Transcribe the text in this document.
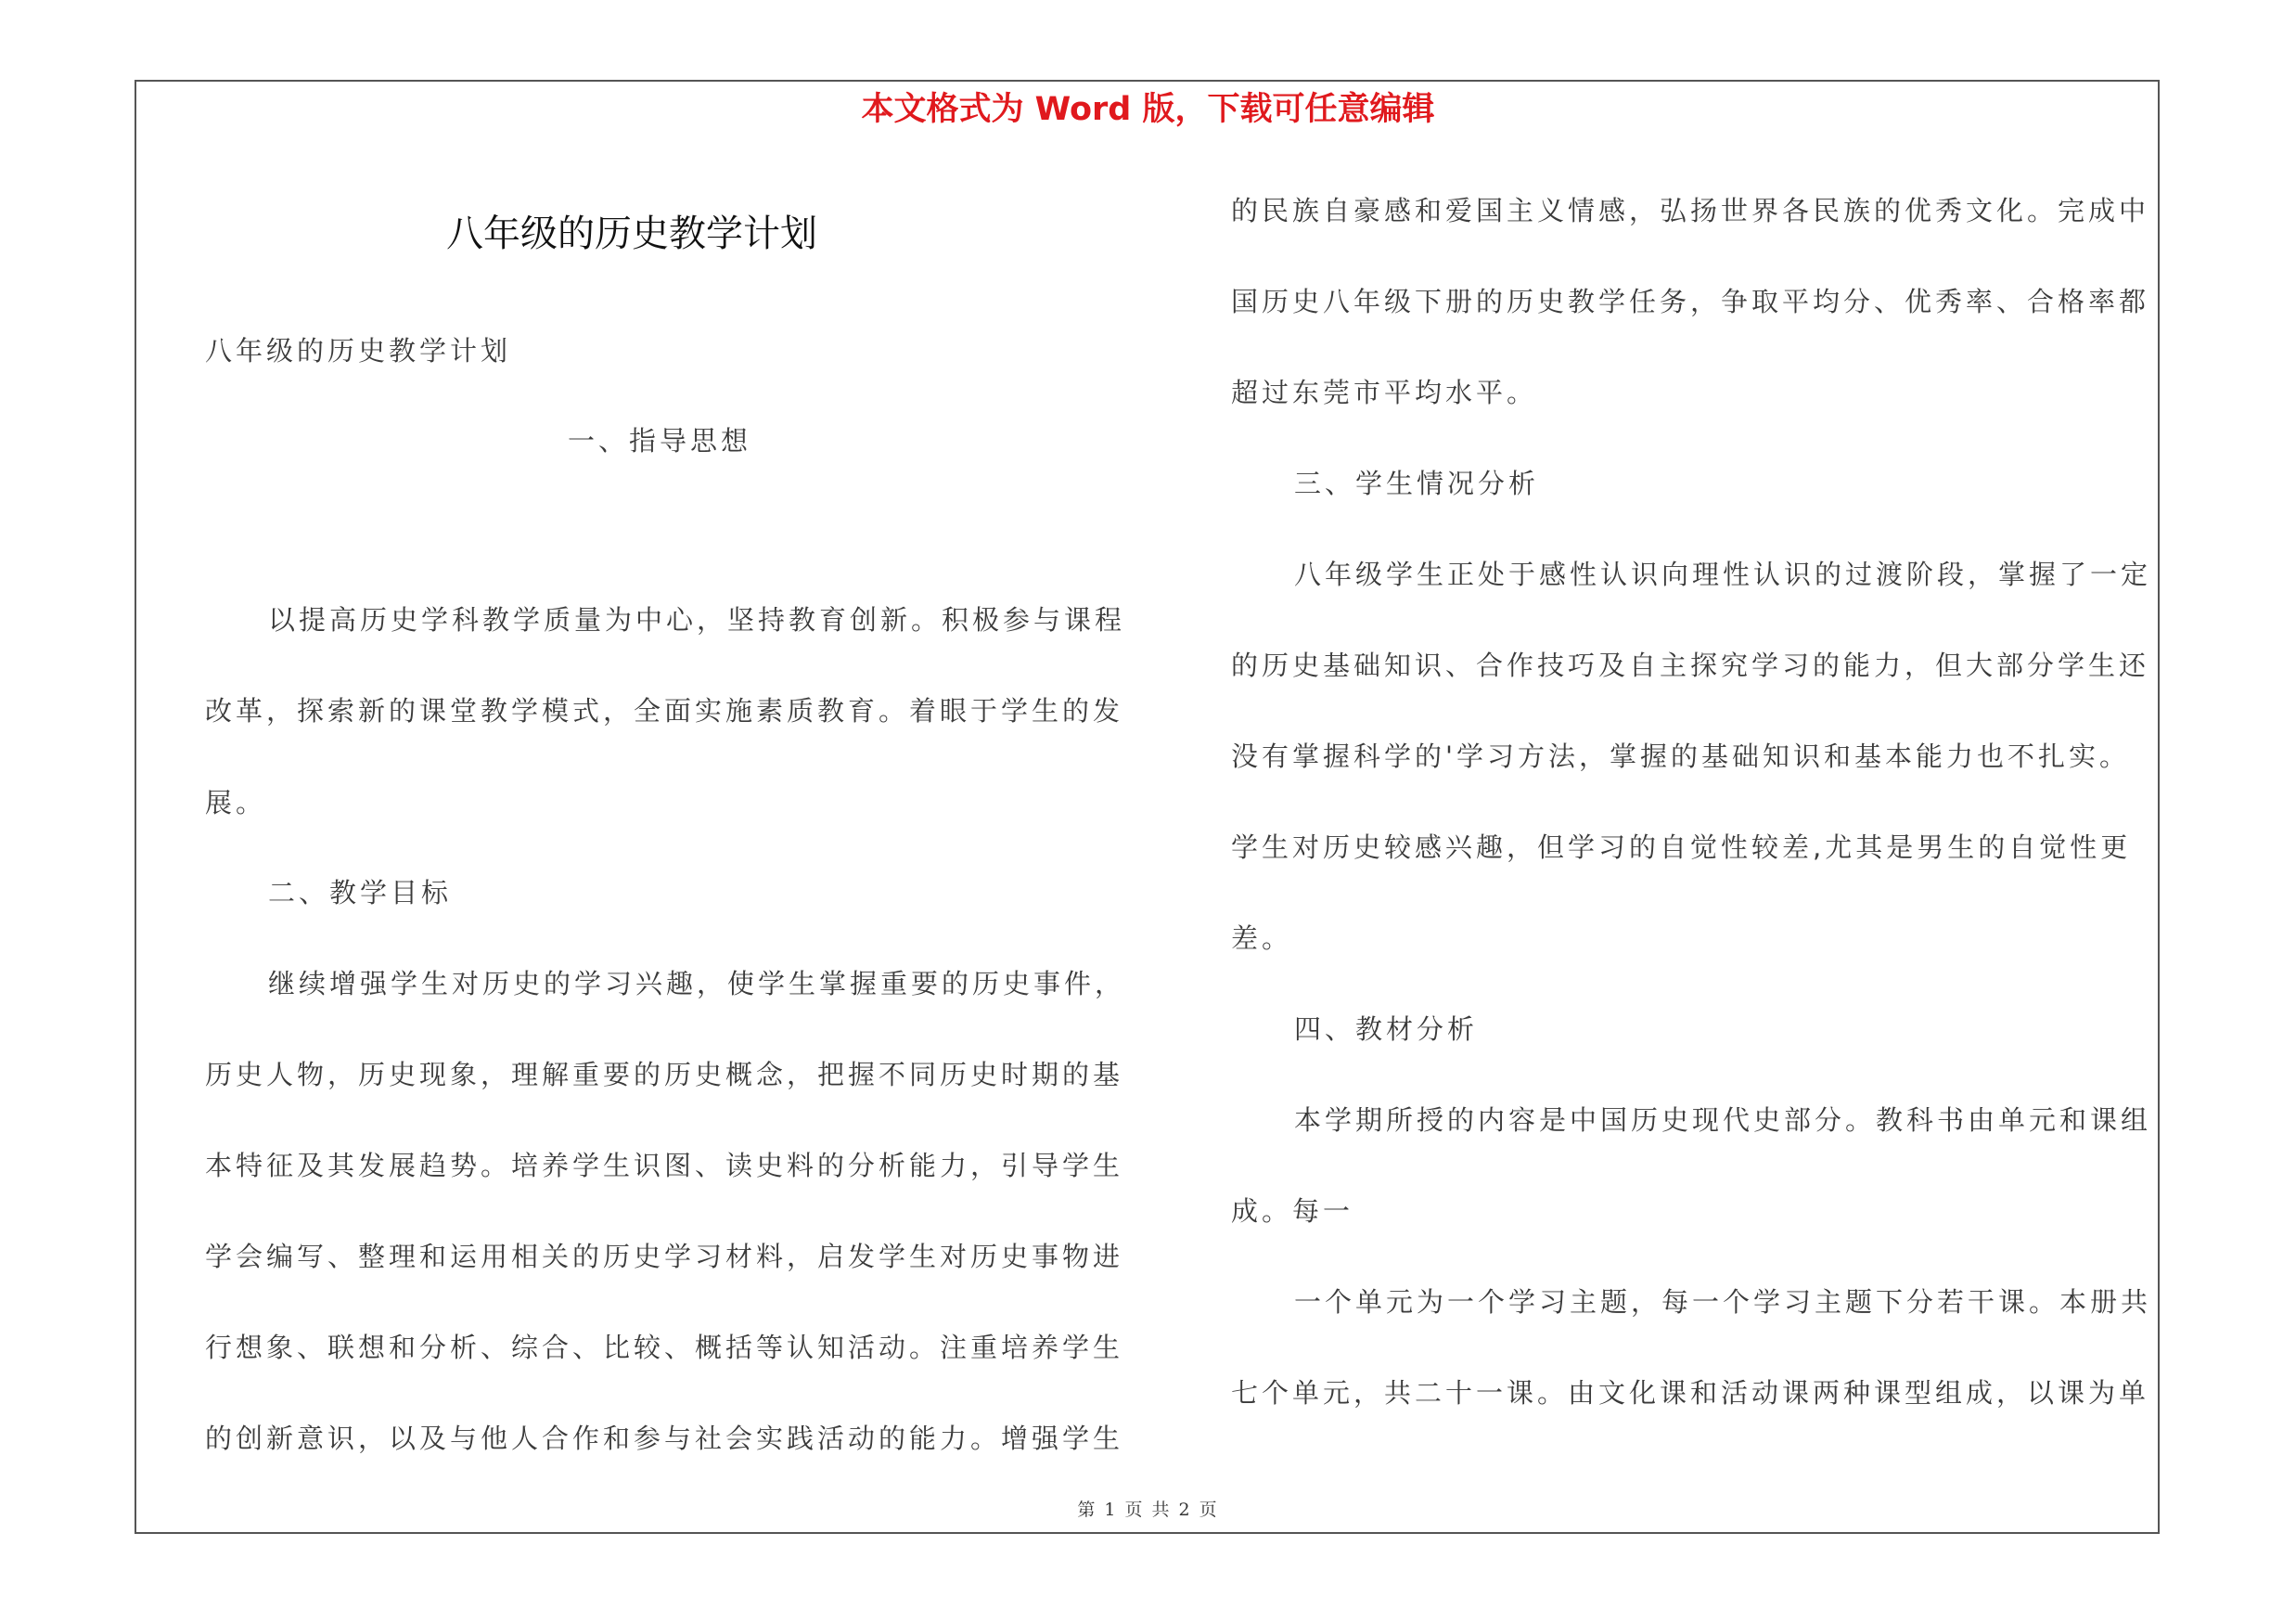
本文格式为 Word 版，下载可任意编辑
八年级的历史教学计划
八年级的历史教学计划
一、指导思想
以提高历史学科教学质量为中心，坚持教育创新。积极参与课程
改革，探索新的课堂教学模式，全面实施素质教育。着眼于学生的发
展。
二、教学目标
继续增强学生对历史的学习兴趣，使学生掌握重要的历史事件，
历史人物，历史现象，理解重要的历史概念，把握不同历史时期的基
本特征及其发展趋势。培养学生识图、读史料的分析能力，引导学生
学会编写、整理和运用相关的历史学习材料，启发学生对历史事物进
行想象、联想和分析、综合、比较、概括等认知活动。注重培养学生
的创新意识，以及与他人合作和参与社会实践活动的能力。增强学生
的民族自豪感和爱国主义情感，弘扬世界各民族的优秀文化。完成中
国历史八年级下册的历史教学任务，争取平均分、优秀率、合格率都
超过东莞市平均水平。
三、学生情况分析
八年级学生正处于感性认识向理性认识的过渡阶段，掌握了一定
的历史基础知识、合作技巧及自主探究学习的能力，但大部分学生还
没有掌握科学的'学习方法，掌握的基础知识和基本能力也不扎实。
学生对历史较感兴趣，但学习的自觉性较差,尤其是男生的自觉性更
差。
四、教材分析
本学期所授的内容是中国历史现代史部分。教科书由单元和课组
成。每一
一个单元为一个学习主题，每一个学习主题下分若干课。本册共
七个单元，共二十一课。由文化课和活动课两种课型组成，以课为单
第 1 页 共 2 页
